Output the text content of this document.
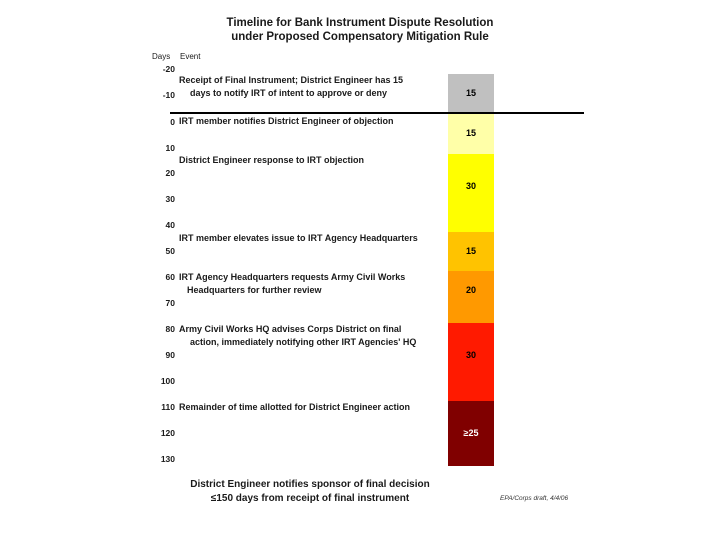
Timeline for Bank Instrument Dispute Resolution
under Proposed Compensatory Mitigation Rule
Days Event
-20
-10
0
10
20
30
40
50
60
70
80
90
100
110
120
130
Receipt of Final Instrument; District Engineer has 15
days to notify IRT of intent to approve or deny
IRT member notifies District Engineer of objection
District Engineer response to IRT objection
IRT member elevates issue to IRT Agency Headquarters
IRT Agency Headquarters requests Army Civil Works
Headquarters for further review
Army Civil Works HQ advises Corps District on final
action, immediately notifying other IRT Agencies' HQ
Remainder of time allotted for District Engineer action
15
15
30
15
20
30
≥25
District Engineer notifies sponsor of final decision
≤150 days from receipt of final instrument	EPA/Corps draft, 4/4/06
